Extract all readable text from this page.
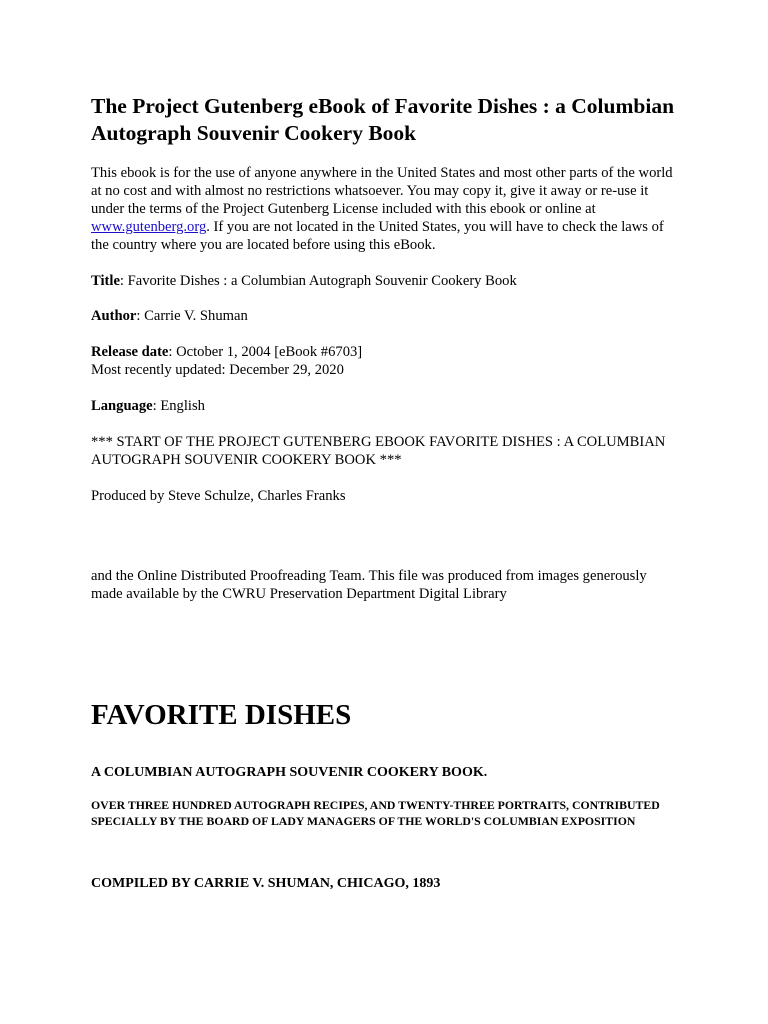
The Project Gutenberg eBook of Favorite Dishes : a Columbian Autograph Souvenir Cookery Book

This ebook is for the use of anyone anywhere in the United States and most other parts of the world at no cost and with almost no restrictions whatsoever. You may copy it, give it away or re-use it under the terms of the Project Gutenberg License included with this ebook or online at www.gutenberg.org. If you are not located in the United States, you will have to check the laws of the country where you are located before using this eBook.

Title: Favorite Dishes : a Columbian Autograph Souvenir Cookery Book

Author: Carrie V. Shuman

Release date: October 1, 2004 [eBook #6703]
Most recently updated: December 29, 2020

Language: English

*** START OF THE PROJECT GUTENBERG EBOOK FAVORITE DISHES : A COLUMBIAN AUTOGRAPH SOUVENIR COOKERY BOOK ***

Produced by Steve Schulze, Charles Franks

and the Online Distributed Proofreading Team. This file was produced from images generously made available by the CWRU Preservation Department Digital Library

FAVORITE DISHES
A COLUMBIAN AUTOGRAPH SOUVENIR COOKERY BOOK.
OVER THREE HUNDRED AUTOGRAPH RECIPES, AND TWENTY-THREE PORTRAITS, CONTRIBUTED SPECIALLY BY THE BOARD OF LADY MANAGERS OF THE WORLD'S COLUMBIAN EXPOSITION
COMPILED BY CARRIE V. SHUMAN, CHICAGO, 1893
